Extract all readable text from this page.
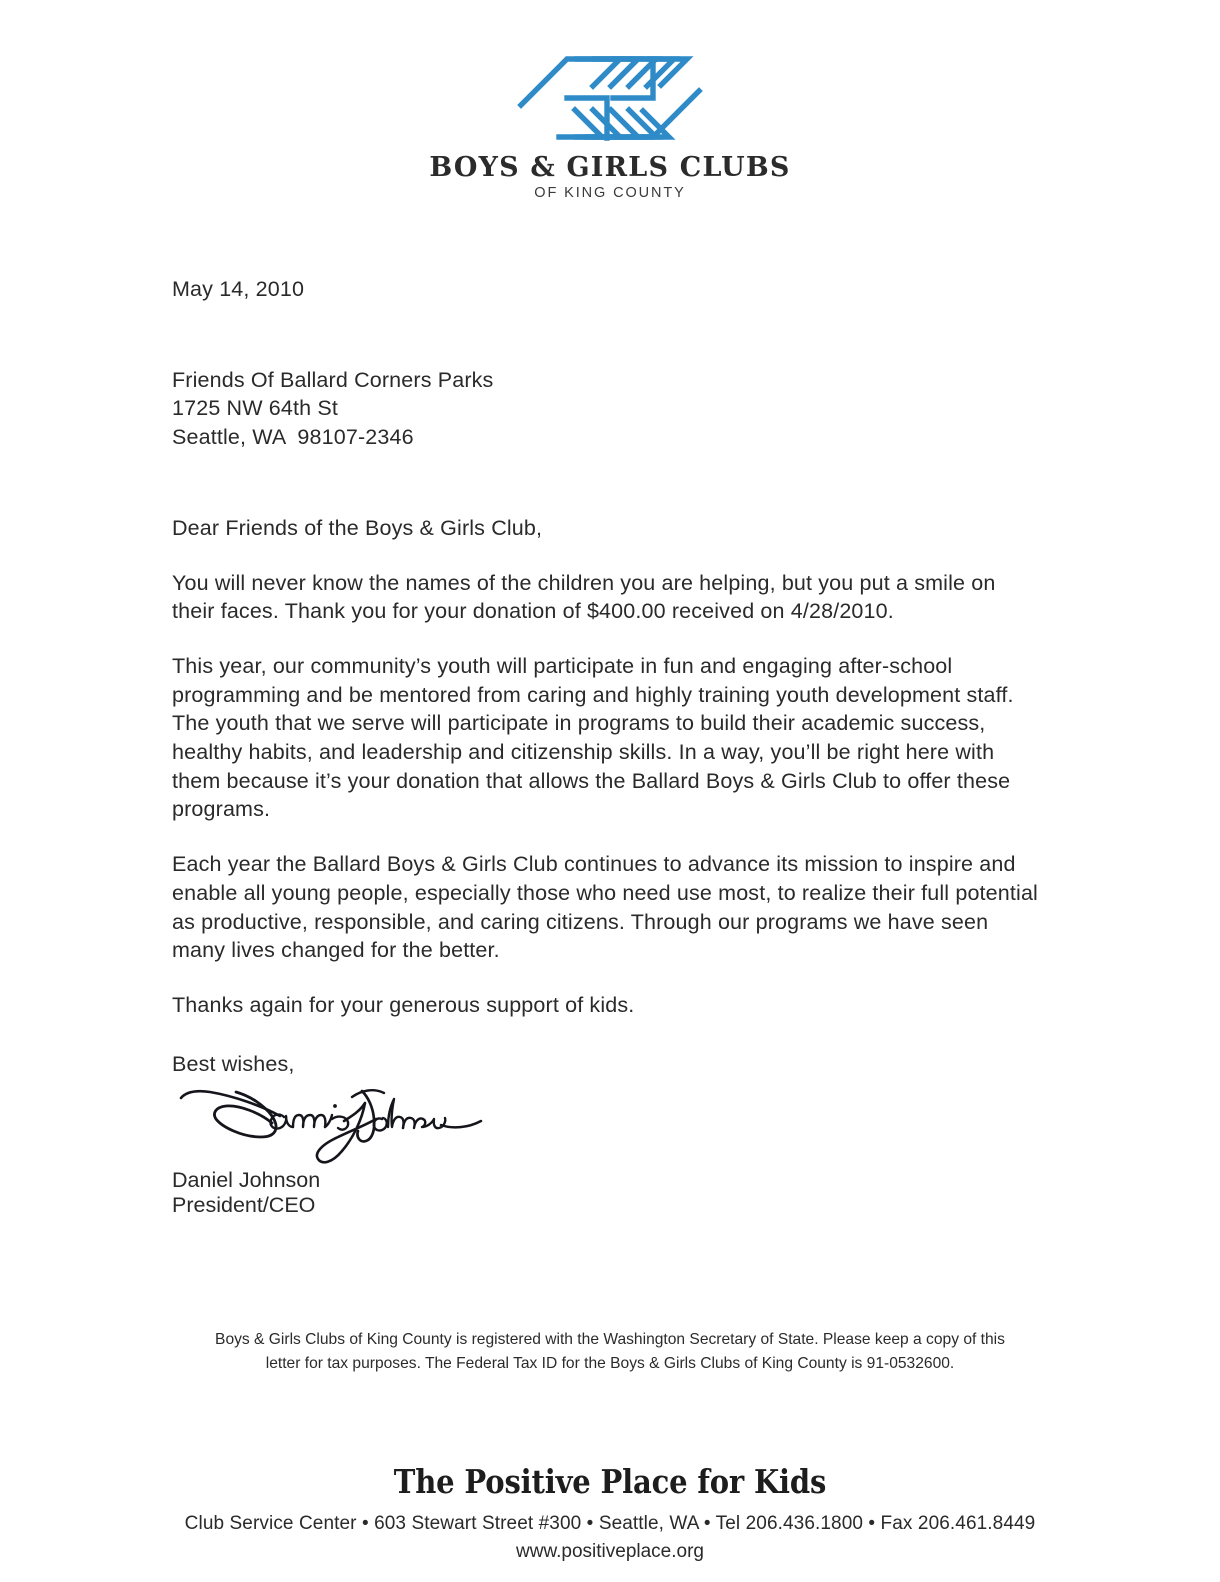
BOYS & GIRLS CLUBS
OF KING COUNTY
May 14, 2010
Friends Of Ballard Corners Parks
1725 NW 64th St
Seattle, WA  98107-2346
Dear Friends of the Boys & Girls Club,
You will never know the names of the children you are helping, but you put a smile on their faces. Thank you for your donation of $400.00 received on 4/28/2010.
This year, our community’s youth will participate in fun and engaging after-school programming and be mentored from caring and highly training youth development staff. The youth that we serve will participate in programs to build their academic success, healthy habits, and leadership and citizenship skills. In a way, you’ll be right here with them because it’s your donation that allows the Ballard Boys & Girls Club to offer these programs.
Each year the Ballard Boys & Girls Club continues to advance its mission to inspire and enable all young people, especially those who need use most, to realize their full potential as productive, responsible, and caring citizens. Through our programs we have seen many lives changed for the better.
Thanks again for your generous support of kids.
Best wishes,
Daniel Johnson
President/CEO
Boys & Girls Clubs of King County is registered with the Washington Secretary of State. Please keep a copy of this
letter for tax purposes. The Federal Tax ID for the Boys & Girls Clubs of King County is 91-0532600.
The Positive Place for Kids
Club Service Center • 603 Stewart Street #300 • Seattle, WA • Tel 206.436.1800 • Fax 206.461.8449
www.positiveplace.org
